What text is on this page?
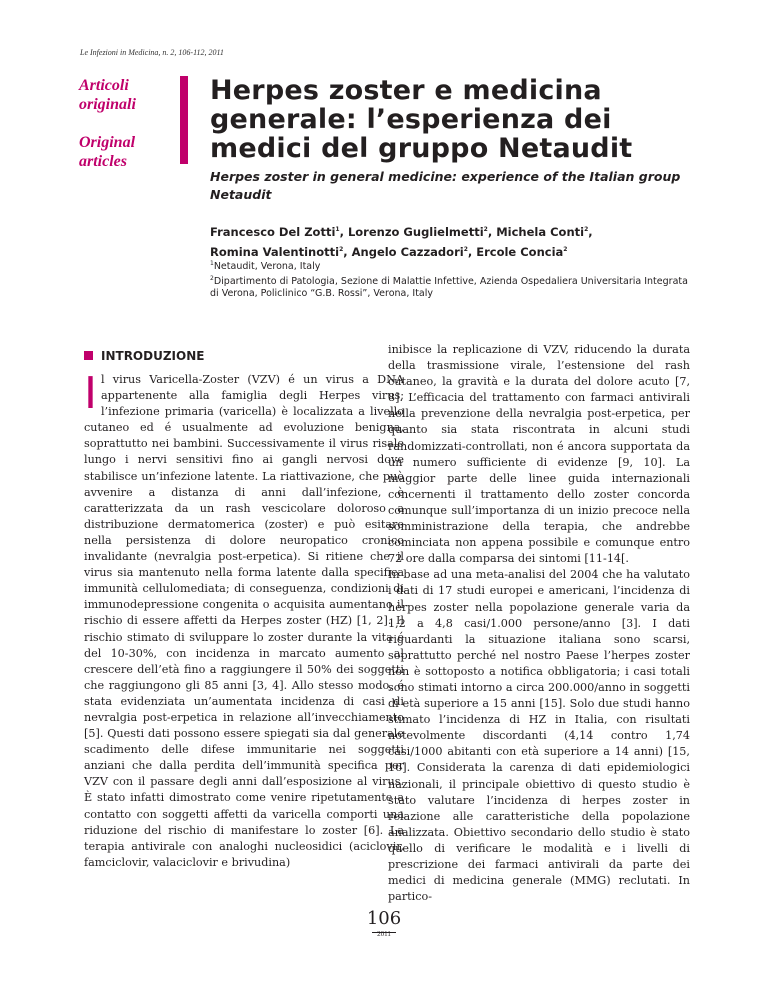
Le Infezioni in Medicina, n. 2, 106-112, 2011
Articoli originali
Original articles
Herpes zoster e medicina generale: l’esperienza dei medici del gruppo Netaudit
Herpes zoster in general medicine: experience of the Italian group Netaudit
Francesco Del Zotti$^1$, Lorenzo Guglielmetti$^2$, Michela Conti$^2$,
Romina Valentinotti$^2$, Angelo Cazzadori$^2$, Ercole Concia$^2$
$^1$Netaudit, Verona, Italy
$^2$Dipartimento di Patologia, Sezione di Malattie Infettive, Azienda Ospedaliera Universitaria Integrata di Verona, Policlinico “G.B. Rossi”, Verona, Italy
INTRODUZIONE
I l virus Varicella-Zoster (VZV) é un virus a DNA appartenente alla famiglia degli Herpes virus; l’infezione primaria (varicella) è localizzata a livello cutaneo ed é usualmente ad evoluzione benigna, soprattutto nei bambini. Successivamente il virus risale lungo i nervi sensitivi fino ai gangli nervosi dove stabilisce un’infezione latente. La riattivazione, che può avvenire a distanza di anni dall’infezione, è caratterizzata da un rash vescicolare doloroso a distribuzione dermatomerica (zoster) e può esitare nella persistenza di dolore neuropatico cronico invalidante (nevralgia post-erpetica). Si ritiene che il virus sia mantenuto nella forma latente dalla specifica immunità cellulomediata; di conseguenza, condizioni di immunodepressione congenita o acquisita aumentano il rischio di essere affetti da Herpes zoster (HZ) [1, 2]. Il rischio stimato di sviluppare lo zoster durante la vita é del 10-30%, con incidenza in marcato aumento al crescere dell’età fino a raggiungere il 50% dei soggetti che raggiungono gli 85 anni [3, 4]. Allo stesso modo, é stata evidenziata un’aumentata incidenza di casi di nevralgia post-erpetica in relazione all’invecchiamento [5]. Questi dati possono essere spiegati sia dal generale scadimento delle difese immunitarie nei soggetti anziani che dalla perdita dell’immunità specifica per VZV con il passare degli anni dall’esposizione al virus. È stato infatti dimostrato come venire ripetutamente a contatto con soggetti affetti da varicella comporti una riduzione del rischio di manifestare lo zoster [6]. La terapia antivirale con analoghi nucleosidici (aciclovir, famciclovir, valaciclovir e brivudina)

inibisce la replicazione di VZV, riducendo la durata della trasmissione virale, l’estensione del rash cutaneo, la gravità e la durata del dolore acuto [7, 8]. L’efficacia del trattamento con farmaci antivirali nella prevenzione della nevralgia post-erpetica, per quanto sia stata riscontrata in alcuni studi randomizzati-controllati, non é ancora supportata da un numero sufficiente di evidenze [9, 10]. La maggior parte delle linee guida internazionali concernenti il trattamento dello zoster concorda comunque sull’importanza di un inizio precoce nella somministrazione della terapia, che andrebbe cominciata non appena possibile e comunque entro 72 ore dalla comparsa dei sintomi [11-14[.

In base ad una meta-analisi del 2004 che ha valutato i dati di 17 studi europei e americani, l’incidenza di herpes zoster nella popolazione generale varia da 1,2 a 4,8 casi/1.000 persone/anno [3]. I dati riguardanti la situazione italiana sono scarsi, soprattutto perché nel nostro Paese l’herpes zoster non è sottoposto a notifica obbligatoria; i casi totali sono stimati intorno a circa 200.000/anno in soggetti di età superiore a 15 anni [15]. Solo due studi hanno stimato l’incidenza di HZ in Italia, con risultati notevolmente discordanti (4,14 contro 1,74 casi/1000 abitanti con età superiore a 14 anni) [15, 16]. Considerata la carenza di dati epidemiologici nazionali, il principale obiettivo di questo studio è stato valutare l’incidenza di herpes zoster in relazione alle caratteristiche della popolazione analizzata. Obiettivo secondario dello studio è stato quello di verificare le modalità e i livelli di prescrizione dei farmaci antivirali da parte dei medici di medicina generale (MMG) reclutati. In partico-

106
2011
